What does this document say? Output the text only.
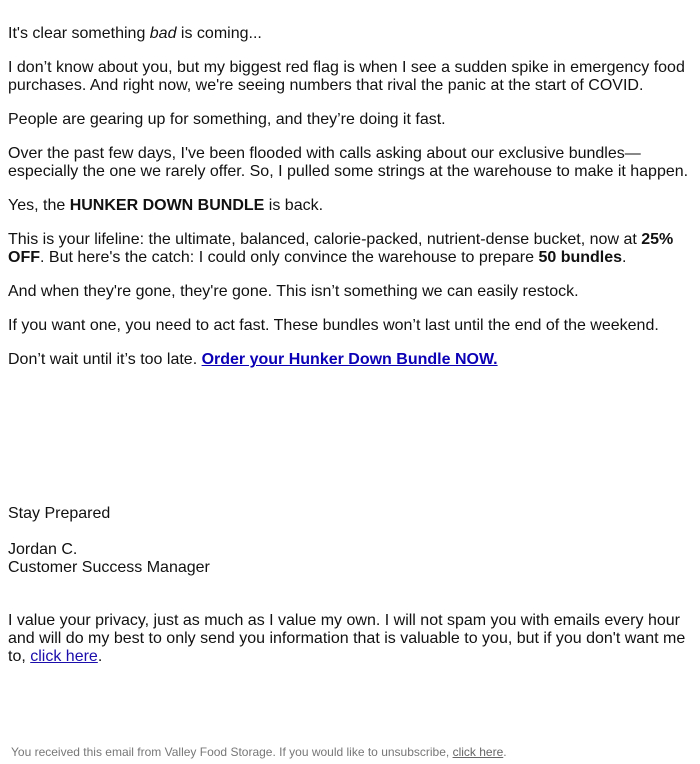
It's clear something bad is coming...

I don’t know about you, but my biggest red flag is when I see a sudden spike in emergency food purchases. And right now, we're seeing numbers that rival the panic at the start of COVID.

People are gearing up for something, and they’re doing it fast.

Over the past few days, I've been flooded with calls asking about our exclusive bundles—especially the one we rarely offer. So, I pulled some strings at the warehouse to make it happen.

Yes, the HUNKER DOWN BUNDLE is back.

This is your lifeline: the ultimate, balanced, calorie-packed, nutrient-dense bucket, now at 25% OFF. But here's the catch: I could only convince the warehouse to prepare 50 bundles.

And when they're gone, they're gone. This isn’t something we can easily restock.

If you want one, you need to act fast. These bundles won’t last until the end of the weekend.

Don’t wait until it’s too late. Order your Hunker Down Bundle NOW.

Stay Prepared

Jordan C.

Customer Success Manager

I value your privacy, just as much as I value my own. I will not spam you with emails every hour and will do my best to only send you information that is valuable to you, but if you don't want me to, click here.

You received this email from Valley Food Storage. If you would like to unsubscribe, click here.
